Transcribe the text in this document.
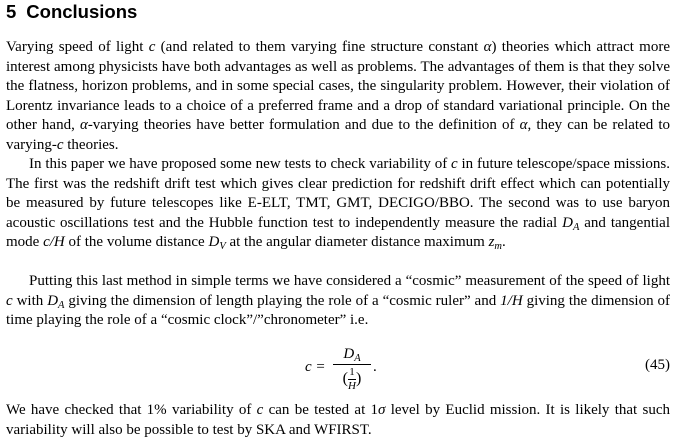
5 Conclusions

Varying speed of light c (and related to them varying fine structure constant α) theories which attract more interest among physicists have both advantages as well as problems. The advantages of them is that they solve the flatness, horizon problems, and in some special cases, the singularity problem. However, their violation of Lorentz invariance leads to a choice of a preferred frame and a drop of standard variational principle. On the other hand, α-varying theories have better formulation and due to the definition of α, they can be related to varying-c theories.

In this paper we have proposed some new tests to check variability of c in future telescope/space missions. The first was the redshift drift test which gives clear prediction for redshift drift effect which can potentially be measured by future telescopes like E-ELT, TMT, GMT, DECIGO/BBO. The second was to use baryon acoustic oscillations test and the Hubble function test to independently measure the radial $D_A$ and tangential mode c/H of the volume distance $D_V$ at the angular diameter distance maximum $z_m$.

Putting this last method in simple terms we have considered a “cosmic” measurement of the speed of light c with $D_A$ giving the dimension of length playing the role of a “cosmic ruler” and 1/H giving the dimension of time playing the role of a “cosmic clock”/”chronometer” i.e.

c =
$D_A$
( $\frac{1}{H}$ )
.	(45)

We have checked that 1% variability of c can be tested at 1σ level by Euclid mission. It is likely that such variability will also be possible to test by SKA and WFIRST.
